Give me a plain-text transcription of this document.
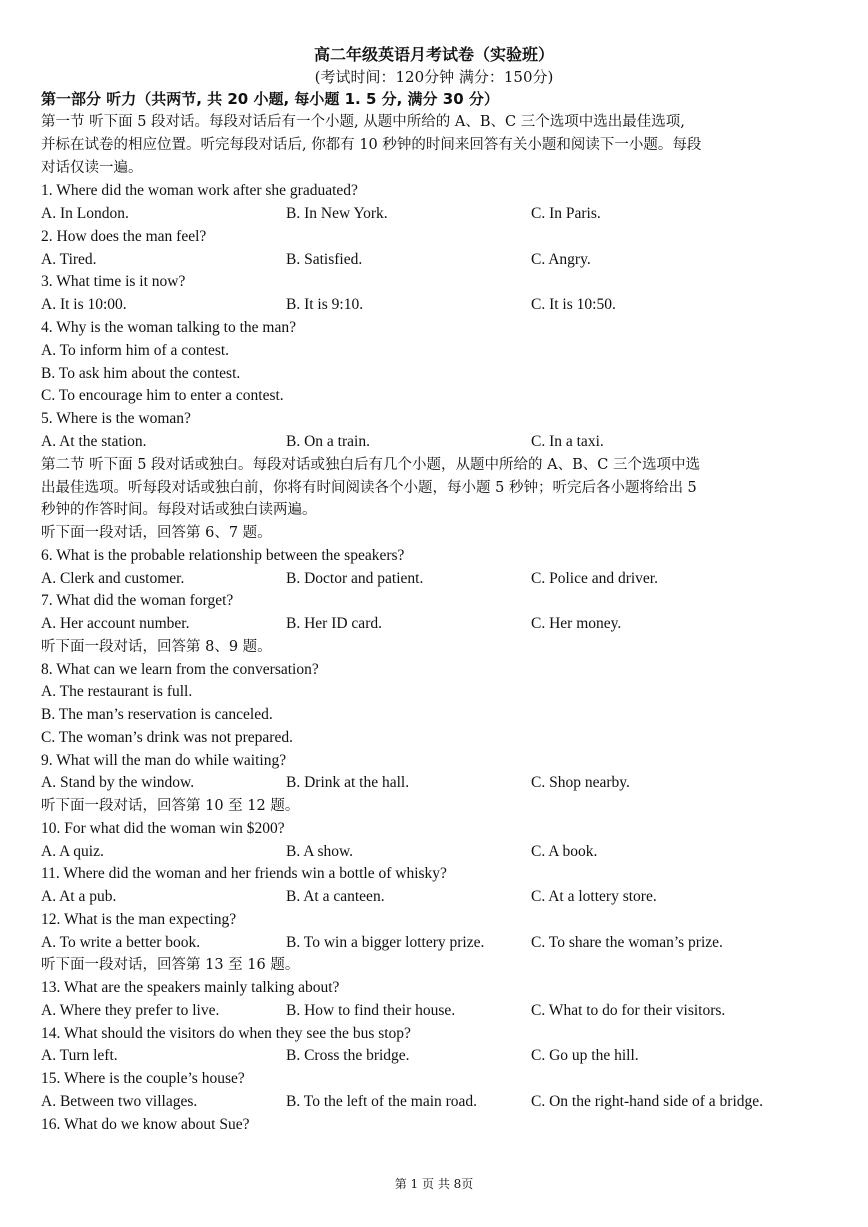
高二年级英语月考试卷（实验班）
(考试时间：120分钟 满分：150分)
第一部分 听力（共两节, 共 20 小题, 每小题 1. 5 分, 满分 30 分）
第一节 听下面 5 段对话。每段对话后有一个小题, 从题中所给的 A、B、C 三个选项中选出最佳选项,
并标在试卷的相应位置。听完每段对话后, 你都有 10 秒钟的时间来回答有关小题和阅读下一小题。每段
对话仅读一遍。
1. Where did the woman work after she graduated?
A. In London.	B. In New York.	C. In Paris.
2. How does the man feel?
A. Tired.	B. Satisfied.	C. Angry.
3. What time is it now?
A. It is 10:00.	B. It is 9:10.	C. It is 10:50.
4. Why is the woman talking to the man?
A. To inform him of a contest.
B. To ask him about the contest.
C. To encourage him to enter a contest.
5. Where is the woman?
A. At the station.	B. On a train.	C. In a taxi.
第二节 听下面 5 段对话或独白。每段对话或独白后有几个小题，从题中所给的 A、B、C 三个选项中选
出最佳选项。听每段对话或独白前，你将有时间阅读各个小题，每小题 5 秒钟；听完后各小题将给出 5
秒钟的作答时间。每段对话或独白读两遍。
听下面一段对话，回答第 6、7 题。
6. What is the probable relationship between the speakers?
A. Clerk and customer.	B. Doctor and patient.	C. Police and driver.
7. What did the woman forget?
A. Her account number.	B. Her ID card.	C. Her money.
听下面一段对话，回答第 8、9 题。
8. What can we learn from the conversation?
A. The restaurant is full.
B. The man’s reservation is canceled.
C. The woman’s drink was not prepared.
9. What will the man do while waiting?
A. Stand by the window.	B. Drink at the hall.	C. Shop nearby.
听下面一段对话，回答第 10 至 12 题。
10. For what did the woman win $200?
A. A quiz.	B. A show.	C. A book.
11. Where did the woman and her friends win a bottle of whisky?
A. At a pub.	B. At a canteen.	C. At a lottery store.
12. What is the man expecting?
A. To write a better book.	B. To win a bigger lottery prize.	C. To share the woman’s prize.
听下面一段对话，回答第 13 至 16 题。
13. What are the speakers mainly talking about?
A. Where they prefer to live.	B. How to find their house.	C. What to do for their visitors.
14. What should the visitors do when they see the bus stop?
A. Turn left.	B. Cross the bridge.	C. Go up the hill.
15. Where is the couple’s house?
A. Between two villages.	B. To the left of the main road.	C. On the right-hand side of a bridge.
16. What do we know about Sue?
第 1 页 共 8页
